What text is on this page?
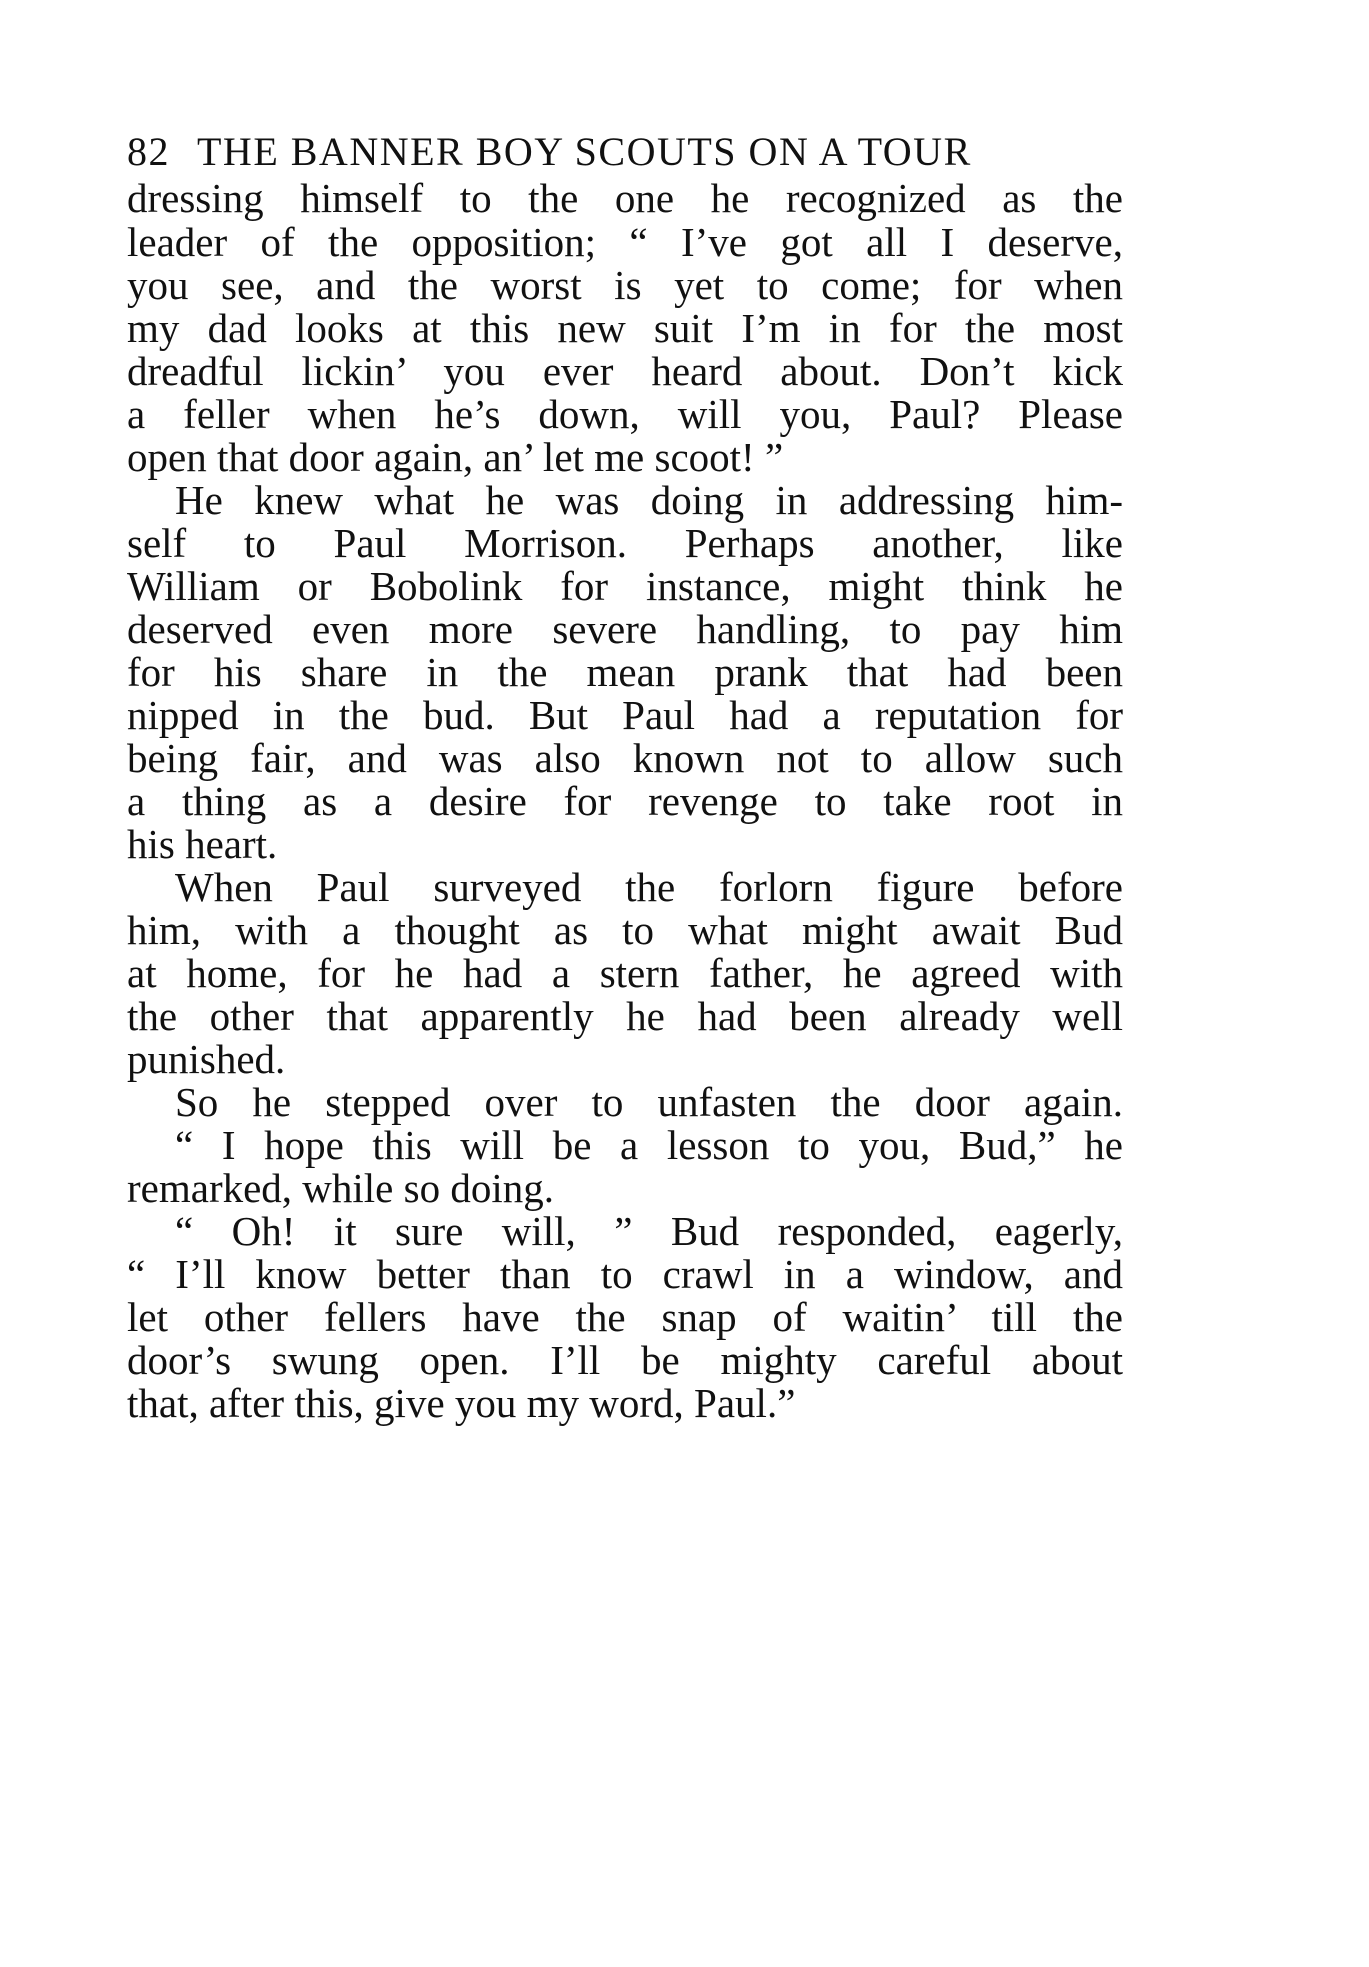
82 THE BANNER BOY SCOUTS ON A TOUR
dressing himself to the one he recognized as the
leader of the opposition; “ I’ve got all I deserve,
you see, and the worst is yet to come; for when
my dad looks at this new suit I’m in for the most
dreadful lickin’ you ever heard about. Don’t kick
a feller when he’s down, will you, Paul? Please
open that door again, an’ let me scoot! ”
He knew what he was doing in addressing him-
self to Paul Morrison. Perhaps another, like
William or Bobolink for instance, might think he
deserved even more severe handling, to pay him
for his share in the mean prank that had been
nipped in the bud. But Paul had a reputation for
being fair, and was also known not to allow such
a thing as a desire for revenge to take root in
his heart.
When Paul surveyed the forlorn figure before
him, with a thought as to what might await Bud
at home, for he had a stern father, he agreed with
the other that apparently he had been already well
punished.
So he stepped over to unfasten the door again.
“ I hope this will be a lesson to you, Bud,” he
remarked, while so doing.
“ Oh! it sure will, ” Bud responded, eagerly,
“ I’ll know better than to crawl in a window, and
let other fellers have the snap of waitin’ till the
door’s swung open. I’ll be mighty careful about
that, after this, give you my word, Paul.”
